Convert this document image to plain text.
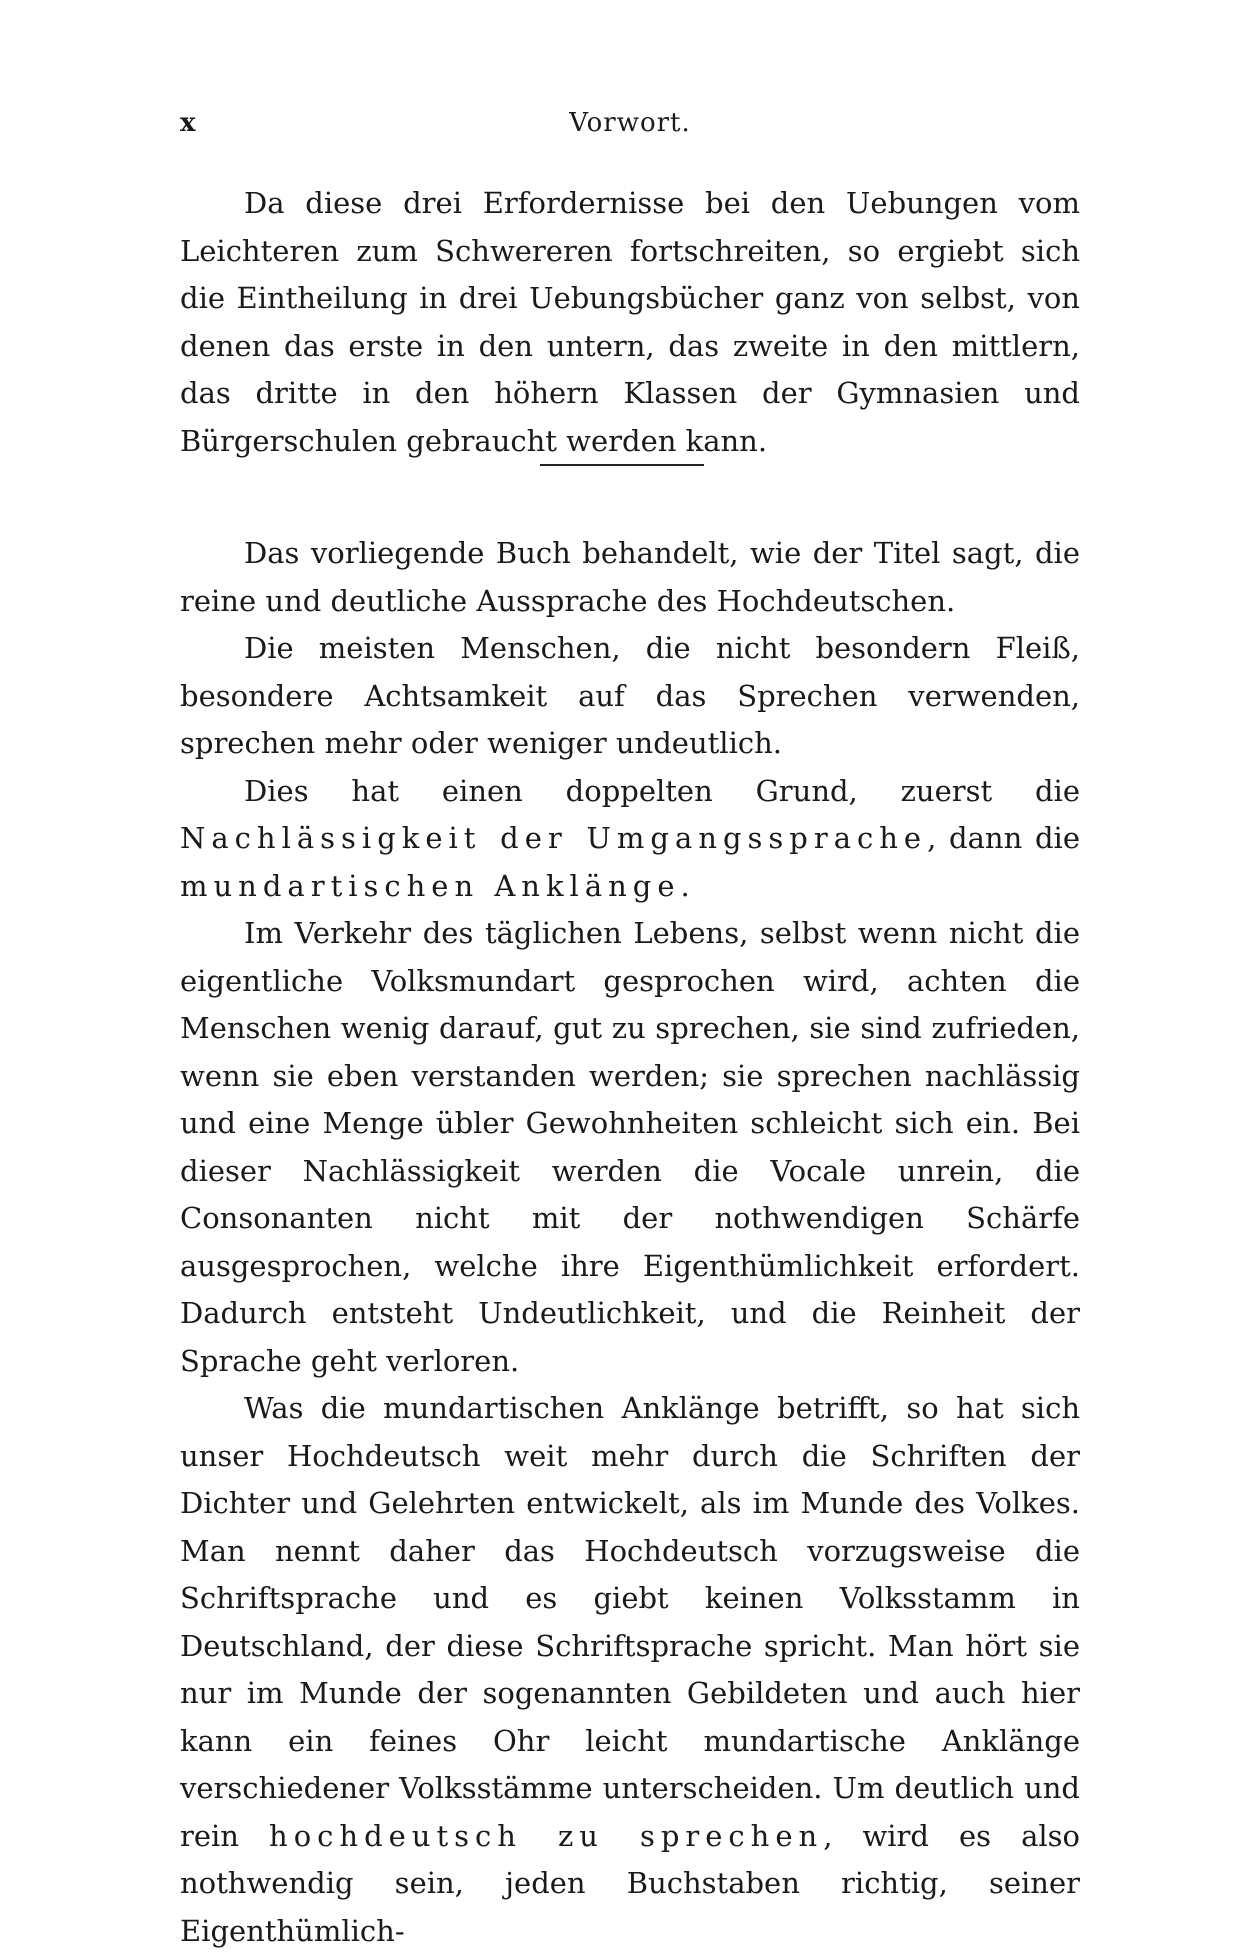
x	Vorwort.

Da diese drei Erfordernisse bei den Uebungen vom Leichteren zum Schwereren fortschreiten, so ergiebt sich die Eintheilung in drei Uebungsbücher ganz von selbst, von denen das erste in den untern, das zweite in den mittlern, das dritte in den höhern Klassen der Gymnasien und Bürgerschulen gebraucht werden kann.

Das vorliegende Buch behandelt, wie der Titel sagt, die reine und deutliche Aussprache des Hochdeutschen.

Die meisten Menschen, die nicht besondern Fleiß, besondere Achtsamkeit auf das Sprechen verwenden, sprechen mehr oder weniger undeutlich.

Dies hat einen doppelten Grund, zuerst die Nachlässigkeit der Umgangssprache, dann die mundartischen Anklänge.

Im Verkehr des täglichen Lebens, selbst wenn nicht die eigentliche Volksmundart gesprochen wird, achten die Menschen wenig darauf, gut zu sprechen, sie sind zufrieden, wenn sie eben verstanden werden; sie sprechen nachlässig und eine Menge übler Gewohnheiten schleicht sich ein. Bei dieser Nachlässigkeit werden die Vocale unrein, die Consonanten nicht mit der nothwendigen Schärfe ausgesprochen, welche ihre Eigenthümlichkeit erfordert. Dadurch entsteht Undeutlichkeit, und die Reinheit der Sprache geht verloren.

Was die mundartischen Anklänge betrifft, so hat sich unser Hochdeutsch weit mehr durch die Schriften der Dichter und Gelehrten entwickelt, als im Munde des Volkes. Man nennt daher das Hochdeutsch vorzugsweise die Schriftsprache und es giebt keinen Volksstamm in Deutschland, der diese Schriftsprache spricht. Man hört sie nur im Munde der sogenannten Gebildeten und auch hier kann ein feines Ohr leicht mundartische Anklänge verschiedener Volksstämme unterscheiden. Um deutlich und rein hochdeutsch zu sprechen, wird es also nothwendig sein, jeden Buchstaben richtig, seiner Eigenthümlich-
